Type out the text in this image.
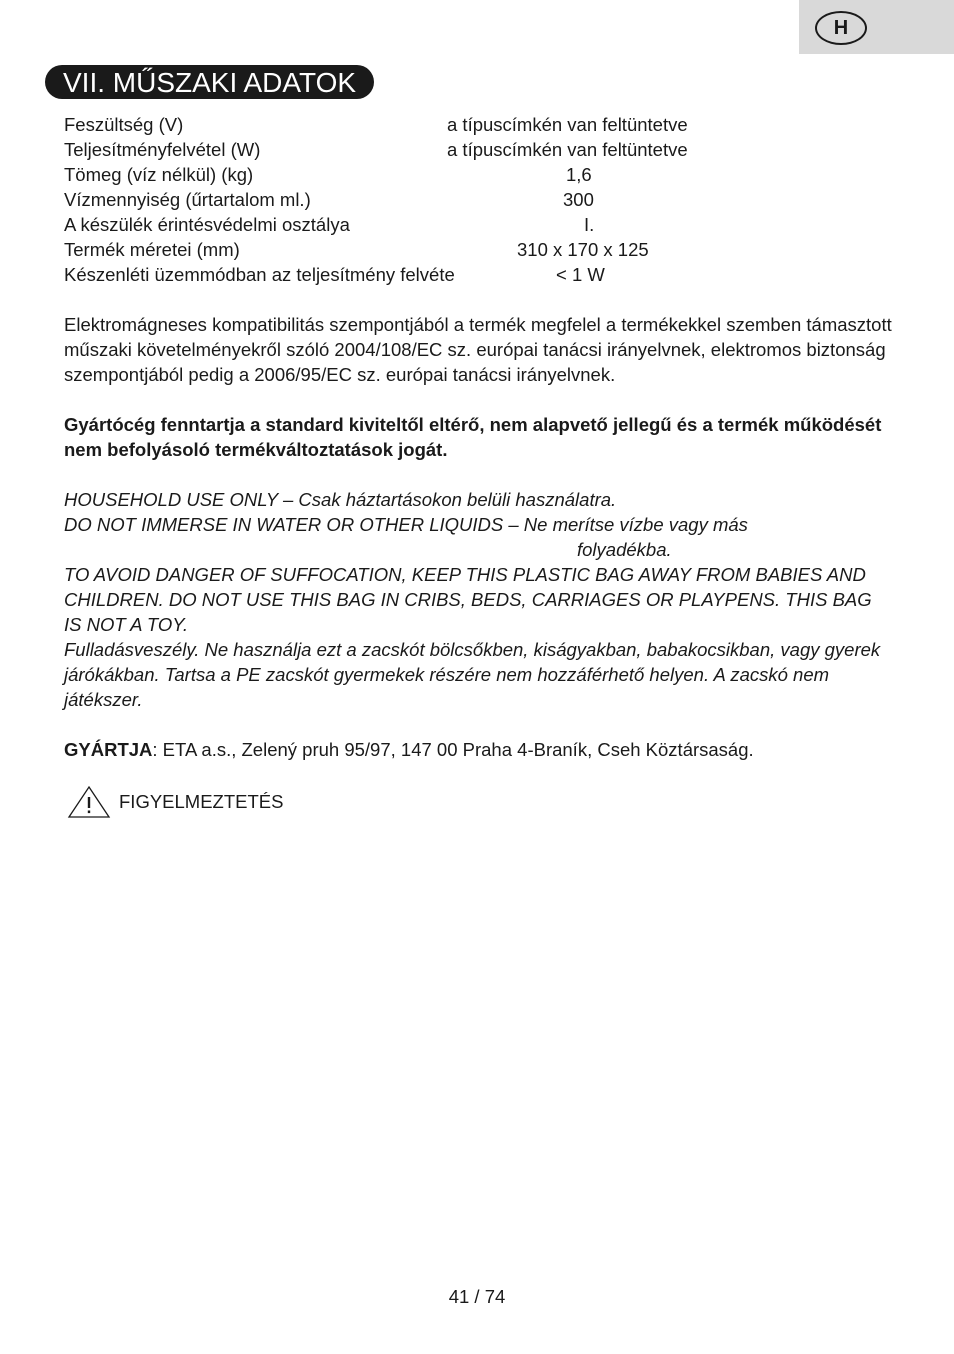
H
VII. MŰSZAKI ADATOK
Feszültség (V)	a típuscímkén van feltüntetve
Teljesítményfelvétel (W)	a típuscímkén van feltüntetve
Tömeg (víz nélkül) (kg)	1,6
Vízmennyiség (űrtartalom ml.)	300
A készülék érintésvédelmi osztálya	I.
Termék méretei (mm)	310 x 170 x 125
Készenléti üzemmódban az teljesítmény felvéte	< 1 W
Elektromágneses kompatibilitás szempontjából a termék megfelel a termékekkel szemben támasztott műszaki követelményekről szóló 2004/108/EC sz. európai tanácsi irányelvnek, elektromos biztonság szempontjából pedig a 2006/95/EC sz. európai tanácsi irányelvnek.
Gyártócég fenntartja a standard kiviteltől eltérő, nem alapvető jellegű és a termék működését nem befolyásoló termékváltoztatások jogát.
HOUSEHOLD USE ONLY – Csak háztartásokon belüli használatra.
DO NOT IMMERSE IN WATER OR OTHER LIQUIDS – Ne merítse vízbe vagy más
folyadékba.
TO AVOID DANGER OF SUFFOCATION, KEEP THIS PLASTIC BAG AWAY FROM BABIES AND CHILDREN. DO NOT USE THIS BAG IN CRIBS, BEDS, CARRIAGES OR PLAYPENS. THIS BAG IS NOT A TOY.
Fulladásveszély. Ne használja ezt a zacskót bölcsőkben, kiságyakban, babakocsikban, vagy gyerek járókákban. Tartsa a PE zacskót gyermekek részére nem hozzáférhető helyen. A zacskó nem játékszer.
GYÁRTJA: ETA a.s., Zelený pruh 95/97, 147 00 Praha 4-Braník, Cseh Köztársaság.
FIGYELMEZTETÉS
41 / 74
